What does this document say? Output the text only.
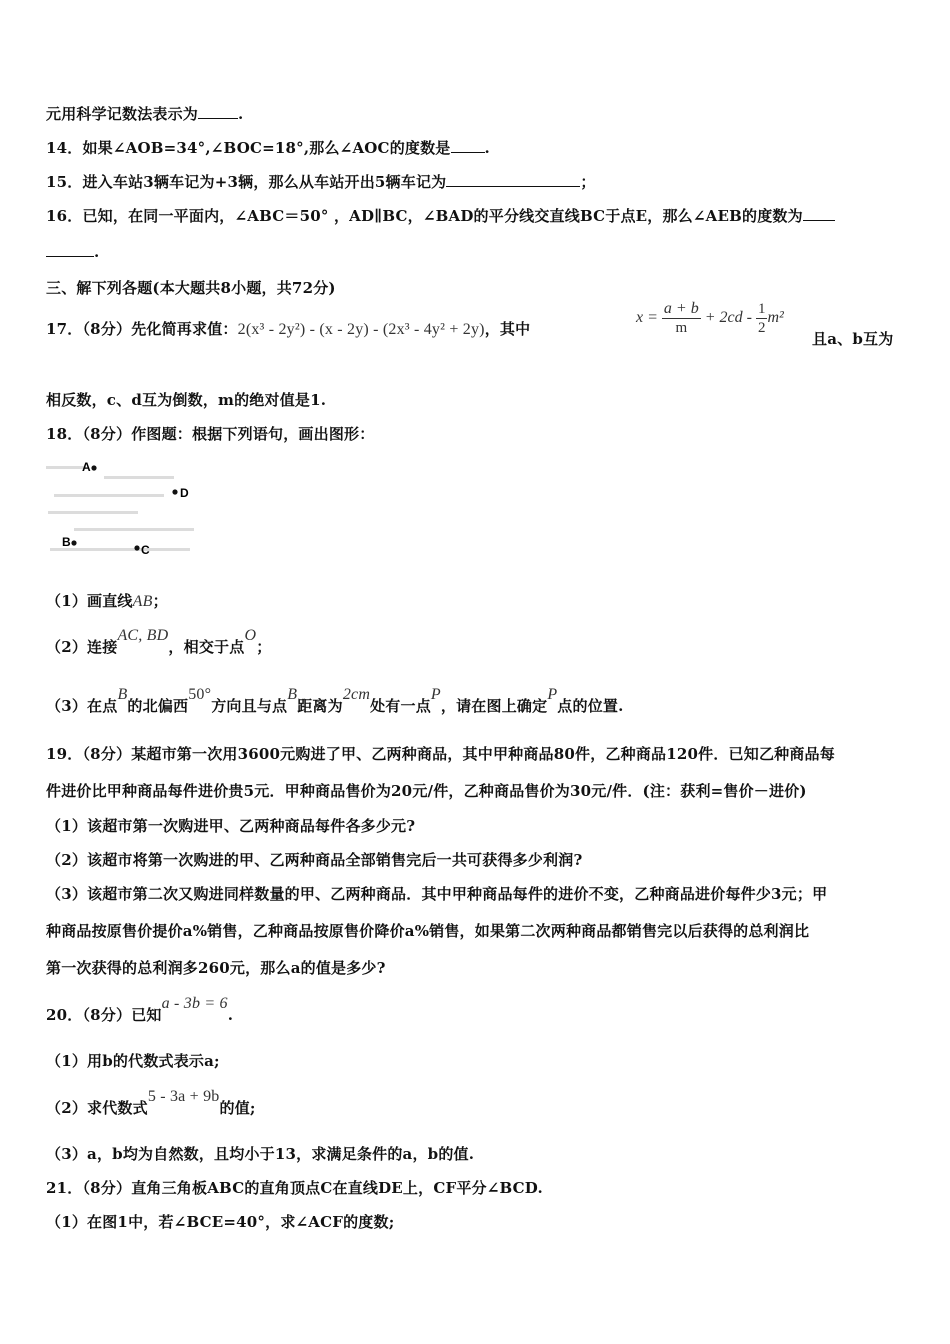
元用科学记数法表示为	.
14．如果∠AOB=34°,∠BOC=18°,那么∠AOC的度数是 .
15．进入车站3辆车记为+3辆，那么从车站开出5辆车记为	；
16．已知，在同一平面内，∠ABC＝50° ，AD∥BC，∠BAD的平分线交直线BC于点E，那么∠AEB的度数为
.
三、解下列各题(本大题共8小题，共72分)
17．（8分）先化简再求值：2(x³ - 2y²) - (x - 2y) - (2x³ - 4y² + 2y)，其中
$x = \frac{a + b}{m} + 2cd - \frac{1}{2} m^2$
且a、b互为
相反数，c、d互为倒数，m的绝对值是1.
18．（8分）作图题：根据下列语句，画出图形：
A
D
B
C
（1）画直线AB；
（2）连接AC, BD，相交于点O；
（3）在点B的北偏西50°方向且与点B距离为2cm处有一点P，请在图上确定P点的位置.
19．（8分）某超市第一次用3600元购进了甲、乙两种商品，其中甲种商品80件，乙种商品120件．已知乙种商品每
件进价比甲种商品每件进价贵5元．甲种商品售价为20元/件，乙种商品售价为30元/件．(注：获利=售价－进价)
（1）该超市第一次购进甲、乙两种商品每件各多少元?
（2）该超市将第一次购进的甲、乙两种商品全部销售完后一共可获得多少利润?
（3）该超市第二次又购进同样数量的甲、乙两种商品．其中甲种商品每件的进价不变，乙种商品进价每件少3元；甲
种商品按原售价提价a%销售，乙种商品按原售价降价a%销售，如果第二次两种商品都销售完以后获得的总利润比
第一次获得的总利润多260元，那么a的值是多少?
20．（8分）已知a - 3b = 6.
（1）用b的代数式表示a;
（2）求代数式5 - 3a + 9b的值;
（3）a，b均为自然数，且均小于13，求满足条件的a，b的值.
21．（8分）直角三角板ABC的直角顶点C在直线DE上，CF平分∠BCD.
（1）在图1中，若∠BCE=40°，求∠ACF的度数;
